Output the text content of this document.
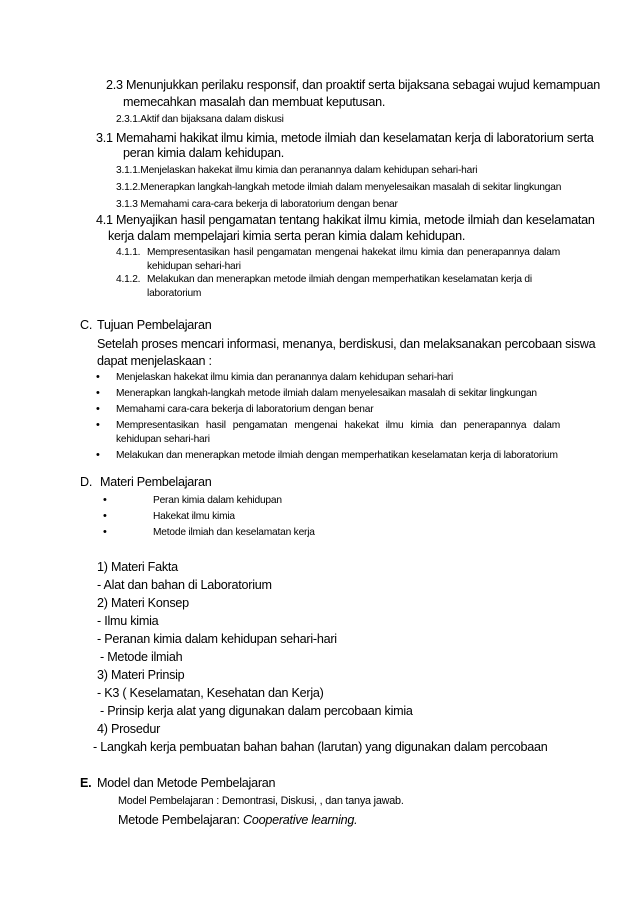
2.3 Menunjukkan perilaku responsif, dan proaktif serta bijaksana sebagai wujud kemampuan
memecahkan masalah dan membuat keputusan.
2.3.1.Aktif dan bijaksana dalam diskusi
3.1 Memahami hakikat ilmu kimia, metode ilmiah dan keselamatan kerja di laboratorium serta
peran kimia dalam kehidupan.
3.1.1.Menjelaskan hakekat ilmu kimia dan peranannya dalam kehidupan sehari-hari
3.1.2.Menerapkan langkah-langkah metode ilmiah dalam menyelesaikan masalah di sekitar lingkungan
3.1.3 Memahami cara-cara bekerja di laboratorium dengan benar
4.1 Menyajikan hasil pengamatan tentang hakikat ilmu kimia, metode ilmiah dan keselamatan
kerja dalam mempelajari kimia serta peran kimia dalam kehidupan.
4.1.1. Mempresentasikan hasil pengamatan mengenai hakekat ilmu kimia dan penerapannya dalam
kehidupan sehari-hari
4.1.2. Melakukan dan menerapkan metode ilmiah dengan memperhatikan keselamatan kerja di
laboratorium
C. Tujuan Pembelajaran
Setelah proses mencari informasi, menanya, berdiskusi, dan melaksanakan percobaan siswa
dapat menjelaskaan :
• Menjelaskan hakekat ilmu kimia dan peranannya dalam kehidupan sehari-hari
• Menerapkan langkah-langkah metode ilmiah dalam menyelesaikan masalah di sekitar lingkungan
• Memahami cara-cara bekerja di laboratorium dengan benar
• Mempresentasikan hasil pengamatan mengenai hakekat ilmu kimia dan penerapannya dalam
kehidupan sehari-hari
• Melakukan dan menerapkan metode ilmiah dengan memperhatikan keselamatan kerja di laboratorium
D. Materi Pembelajaran
•	Peran kimia dalam kehidupan
•	Hakekat ilmu kimia
•	Metode ilmiah dan keselamatan kerja
1) Materi Fakta
- Alat dan bahan di Laboratorium
2) Materi Konsep
- Ilmu kimia
- Peranan kimia dalam kehidupan sehari-hari
- Metode ilmiah
3) Materi Prinsip
- K3 ( Keselamatan, Kesehatan dan Kerja)
- Prinsip kerja alat yang digunakan dalam percobaan kimia
4) Prosedur
- Langkah kerja pembuatan bahan bahan (larutan) yang digunakan dalam percobaan
E. Model dan Metode Pembelajaran
Model Pembelajaran : Demontrasi, Diskusi, , dan tanya jawab.
Metode Pembelajaran: Cooperative learning.
